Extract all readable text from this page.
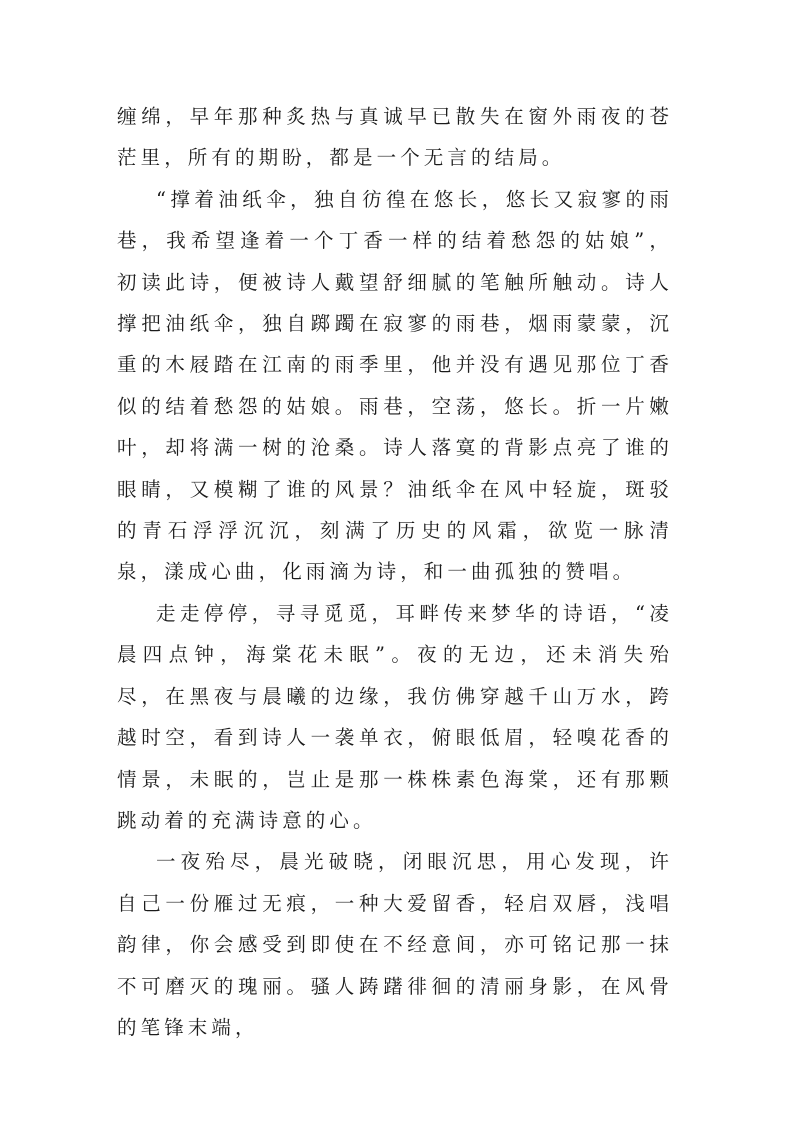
缠绵，早年那种炙热与真诚早已散失在窗外雨夜的苍茫里，所有的期盼，都是一个无言的结局。

“撑着油纸伞，独自彷徨在悠长，悠长又寂寥的雨巷，我希望逢着一个丁香一样的结着愁怨的姑娘”，初读此诗，便被诗人戴望舒细腻的笔触所触动。诗人撑把油纸伞，独自踯躅在寂寥的雨巷，烟雨蒙蒙，沉重的木屐踏在江南的雨季里，他并没有遇见那位丁香似的结着愁怨的姑娘。雨巷，空荡，悠长。折一片嫩叶，却将满一树的沧桑。诗人落寞的背影点亮了谁的眼睛，又模糊了谁的风景？油纸伞在风中轻旋，斑驳的青石浮浮沉沉，刻满了历史的风霜，欲览一脉清泉，漾成心曲，化雨滴为诗，和一曲孤独的赞唱。

走走停停，寻寻觅觅，耳畔传来梦华的诗语，“凌晨四点钟，海棠花未眠”。夜的无边，还未消失殆尽，在黑夜与晨曦的边缘，我仿佛穿越千山万水，跨越时空，看到诗人一袭单衣，俯眼低眉，轻嗅花香的情景，未眠的，岂止是那一株株素色海棠，还有那颗跳动着的充满诗意的心。

一夜殆尽，晨光破晓，闭眼沉思，用心发现，许自己一份雁过无痕，一种大爱留香，轻启双唇，浅唱韵律，你会感受到即使在不经意间，亦可铭记那一抹不可磨灭的瑰丽。骚人踌躇徘徊的清丽身影，在风骨的笔锋末端，
